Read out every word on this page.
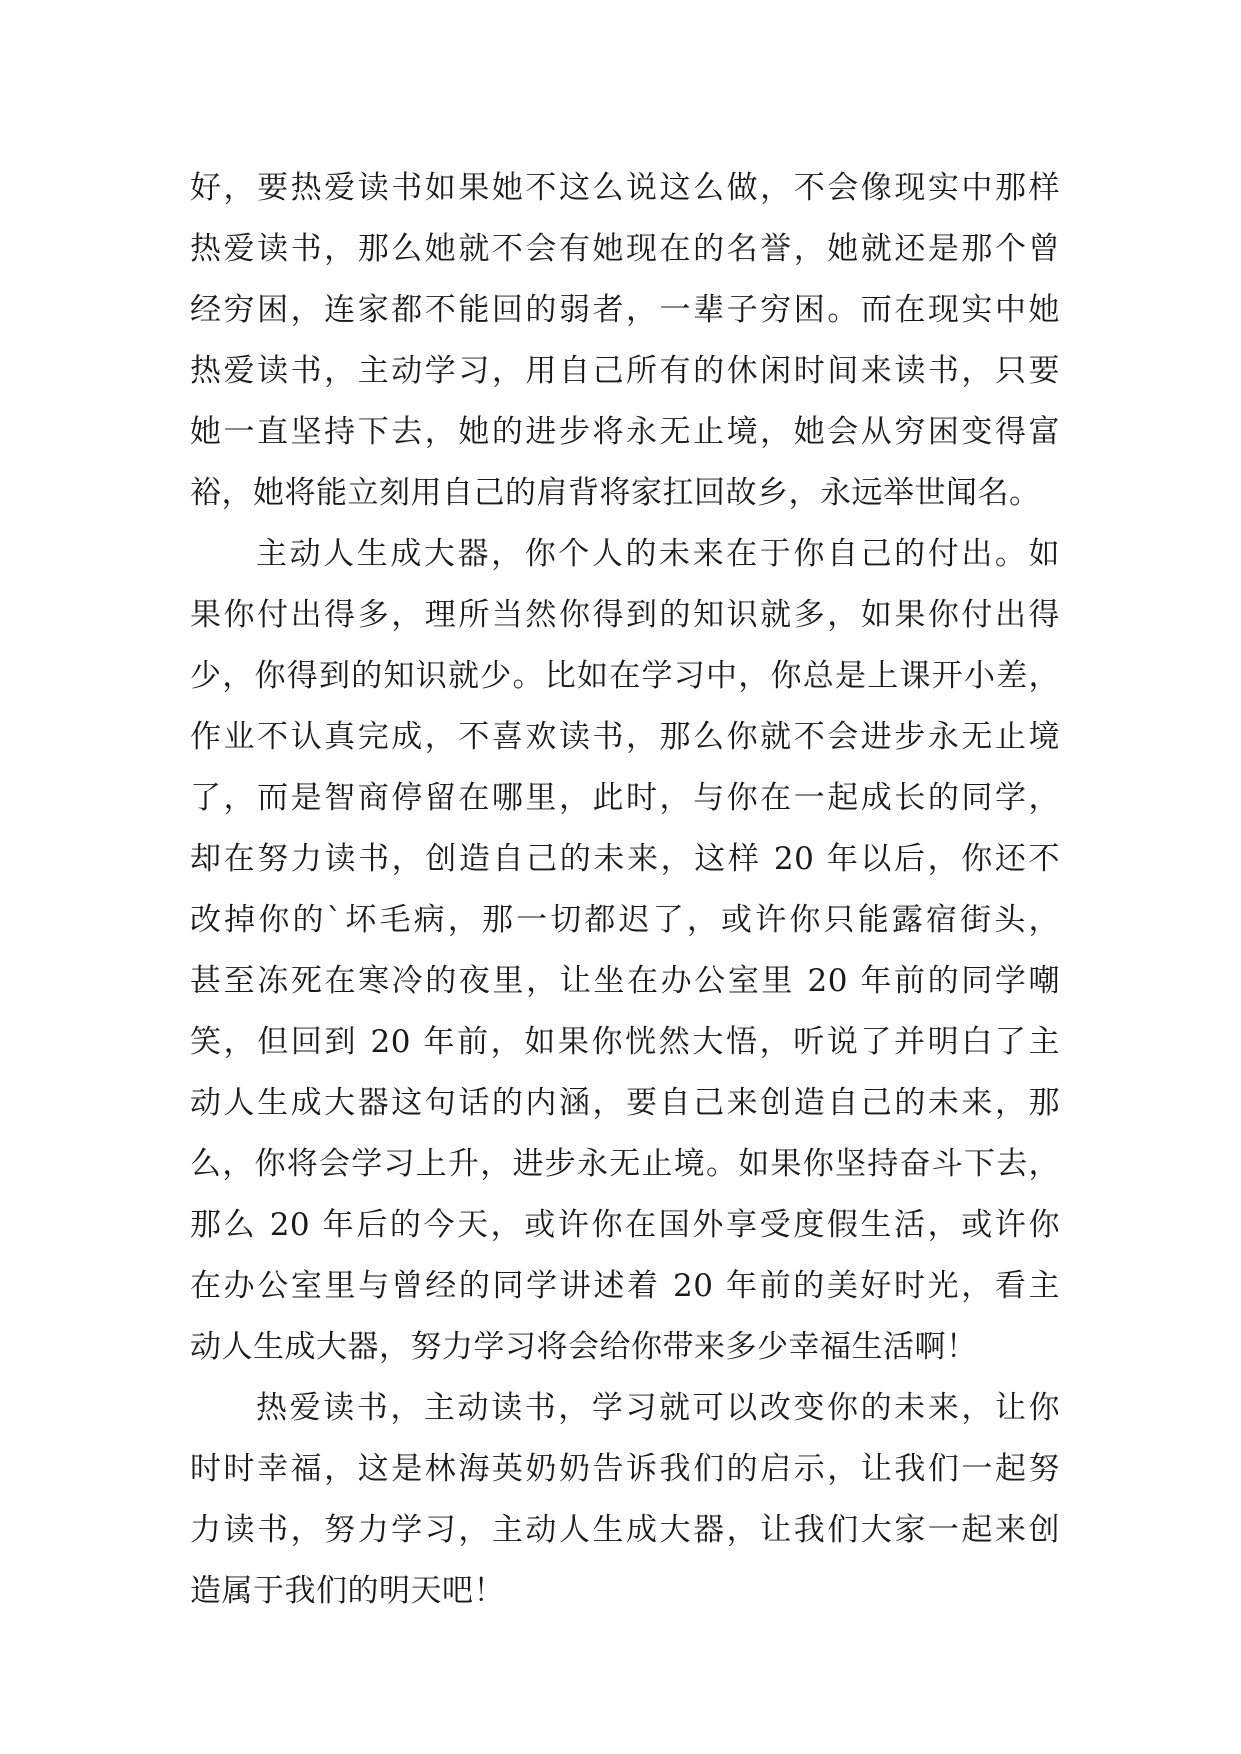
好，要热爱读书如果她不这么说这么做，不会像现实中那样
热爱读书，那么她就不会有她现在的名誉，她就还是那个曾
经穷困，连家都不能回的弱者，一辈子穷困。而在现实中她
热爱读书，主动学习，用自己所有的休闲时间来读书，只要
她一直坚持下去，她的进步将永无止境，她会从穷困变得富
裕，她将能立刻用自己的肩背将家扛回故乡，永远举世闻名。
主动人生成大器，你个人的未来在于你自己的付出。如
果你付出得多，理所当然你得到的知识就多，如果你付出得
少，你得到的知识就少。比如在学习中，你总是上课开小差，
作业不认真完成，不喜欢读书，那么你就不会进步永无止境
了，而是智商停留在哪里，此时，与你在一起成长的同学，
却在努力读书，创造自己的未来，这样 20 年以后，你还不
改掉你的`坏毛病，那一切都迟了，或许你只能露宿街头，
甚至冻死在寒冷的夜里，让坐在办公室里 20 年前的同学嘲
笑，但回到 20 年前，如果你恍然大悟，听说了并明白了主
动人生成大器这句话的内涵，要自己来创造自己的未来，那
么，你将会学习上升，进步永无止境。如果你坚持奋斗下去，
那么 20 年后的今天，或许你在国外享受度假生活，或许你
在办公室里与曾经的同学讲述着 20 年前的美好时光，看主
动人生成大器，努力学习将会给你带来多少幸福生活啊！
热爱读书，主动读书，学习就可以改变你的未来，让你
时时幸福，这是林海英奶奶告诉我们的启示，让我们一起努
力读书，努力学习，主动人生成大器，让我们大家一起来创
造属于我们的明天吧！
